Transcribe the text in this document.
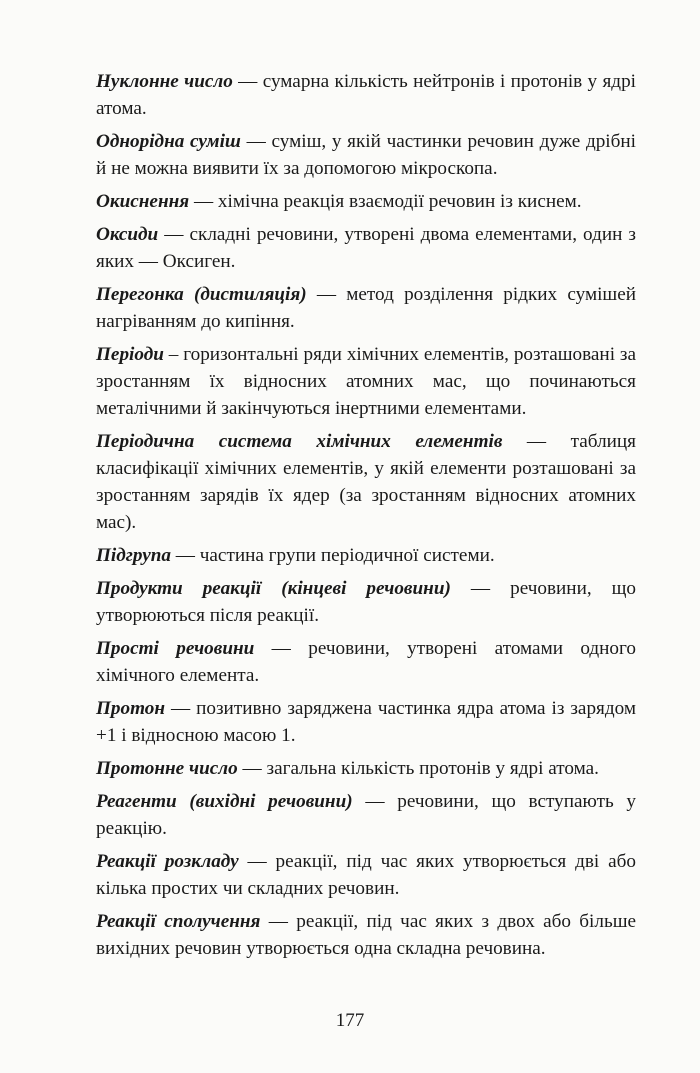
Нуклонне число — сумарна кількість нейтронів і протонів у ядрі атома.
Однорідна суміш — суміш, у якій частинки речовин дуже дрібні й не можна виявити їх за допомогою мікроскопа.
Окиснення — хімічна реакція взаємодії речовин із киснем.
Оксиди — складні речовини, утворені двома елементами, один з яких — Оксиген.
Перегонка (дистиляція) — метод розділення рідких сумішей нагріванням до кипіння.
Періоди – горизонтальні ряди хімічних елементів, розташовані за зростанням їх відносних атомних мас, що починаються металічними й закінчуються інертними елементами.
Періодична система хімічних елементів — таблиця класифікації хімічних елементів, у якій елементи розташовані за зростанням зарядів їх ядер (за зростанням відносних атомних мас).
Підгрупа — частина групи періодичної системи.
Продукти реакції (кінцеві речовини) — речовини, що утворюються після реакції.
Прості речовини — речовини, утворені атомами одного хімічного елемента.
Протон — позитивно заряджена частинка ядра атома із зарядом +1 і відносною масою 1.
Протонне число — загальна кількість протонів у ядрі атома.
Реагенти (вихідні речовини) — речовини, що вступають у реакцію.
Реакції розкладу — реакції, під час яких утворюється дві або кілька простих чи складних речовин.
Реакції сполучення — реакції, під час яких з двох або більше вихідних речовин утворюється одна складна речовина.
177
